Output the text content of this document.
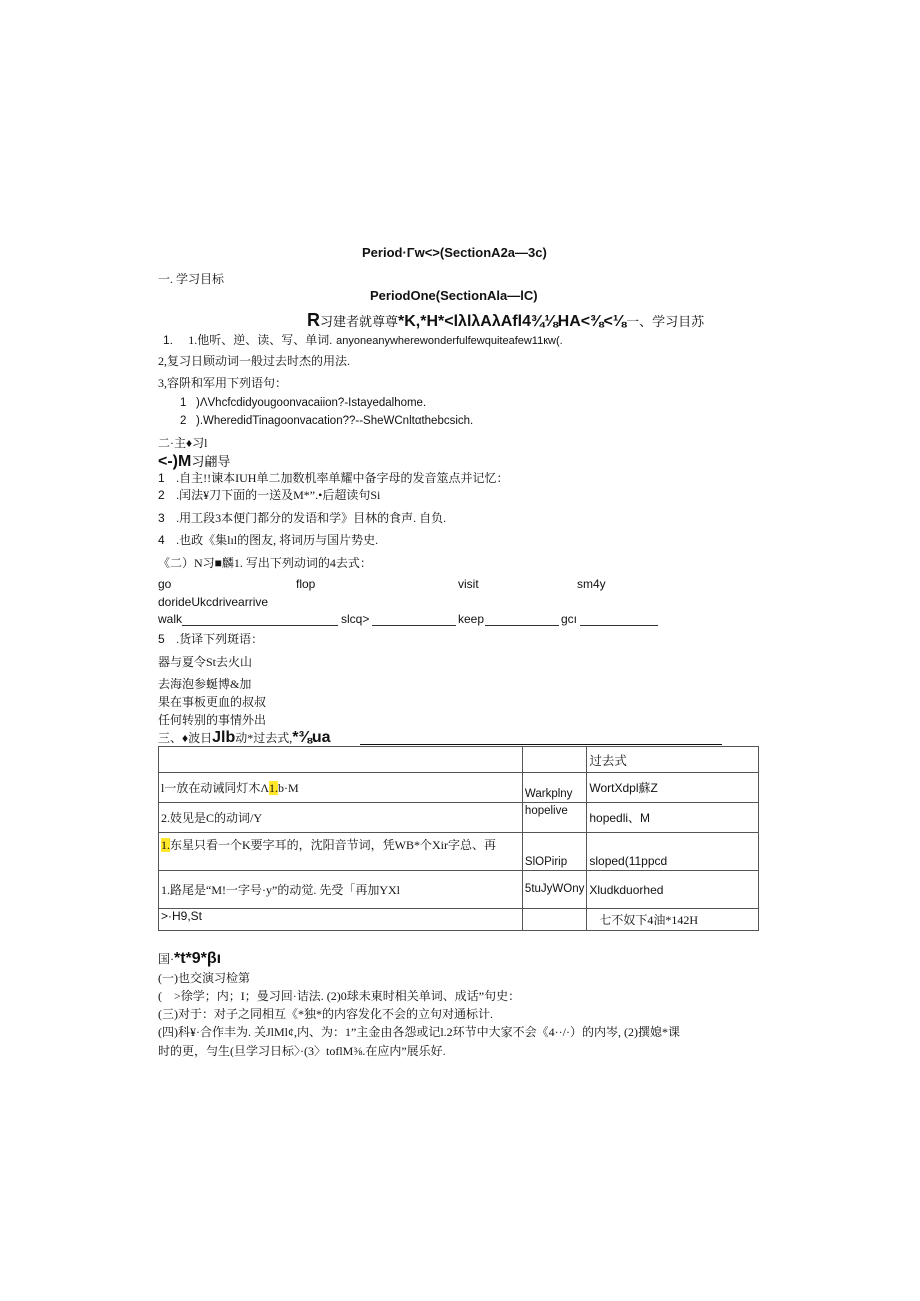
Period·Γw<>(SectionA2a—3c)
一. 学习目标
PeriodOne(SectionAla—lC)
R习建者就尊尊*K,*H*<lλlλAλAfl4¾⅛HA<⅜<⅛一、学习目苏
1. 1.他听、逆、读、写、单词. anyoneanywherewonderfulfewquiteafew11кw(.
2,复习日顾动词一般过去时杰的用法.
3,容阩和军用下列语句：
1 )ΛVhcfcdidyougoonvacaiion?-Istayedalhome.
2 ).WheredidTinagoonvacation??--SheWCnltαthebcsich.
二·主♦习l
<-)M习翩导
1 .自主!!谏本IUH单二加数机率单耀中备字母的发音筮点并记忆：
2 .闰法¥刀下面的一送及M*”.•后超读句Si
3 .用工段3本便门都分的发语和学》目林的食声. 自负.
4 .也政《集lıl的图友, 将词历与国片势史.
《二）N习■麟1. 写出下列动词的4去式：
go	flop	visit	sm4y
dorideUkcdrivearrive
walk	slcq>	keep	gcı
5 .货译下列斑语：
器与夏令St去火山
去海泡参蜒博&加
果在事板更血的叔叔
任何转别的事情外出
三、♦波日Jlb动*过去式,*⅜ua
		过去式
l一放在动诫同灯木Λ1.b·M	Warkplny	WortXdpl蘇Z
2.妓见是C的动词/Y	hopelive	hopedli、M
1.东星只看一个K要字耳的，沈阳音节词，凭WB*个Xir字总、再	SlOPirip	sloped(11ppcd
1.路尾是“M!一字号·y”的动觉. 先受「再加YXl	5tuJyWOny	Xludkduorhed
>·H9,St		七不奴下4油*142H
国·*t*9*βı
(一)也交演习检第
(　>徐学；内；I；曼习回·诘法. (2)0球未東时相关单词、成话”句史：
(三)对于：对子之同相互《*独*的内容发化不会的立句对通标计.
(四)科¥·合作丰为. 关JlMl¢,内、为：1”主金由各怨或记l.2环节中大家不会《4··/·）的内岑, (2)撰媳*课
时的更，勻生(旦学习日标〉·(3〉toflM⅜.在应内”展乐好.
